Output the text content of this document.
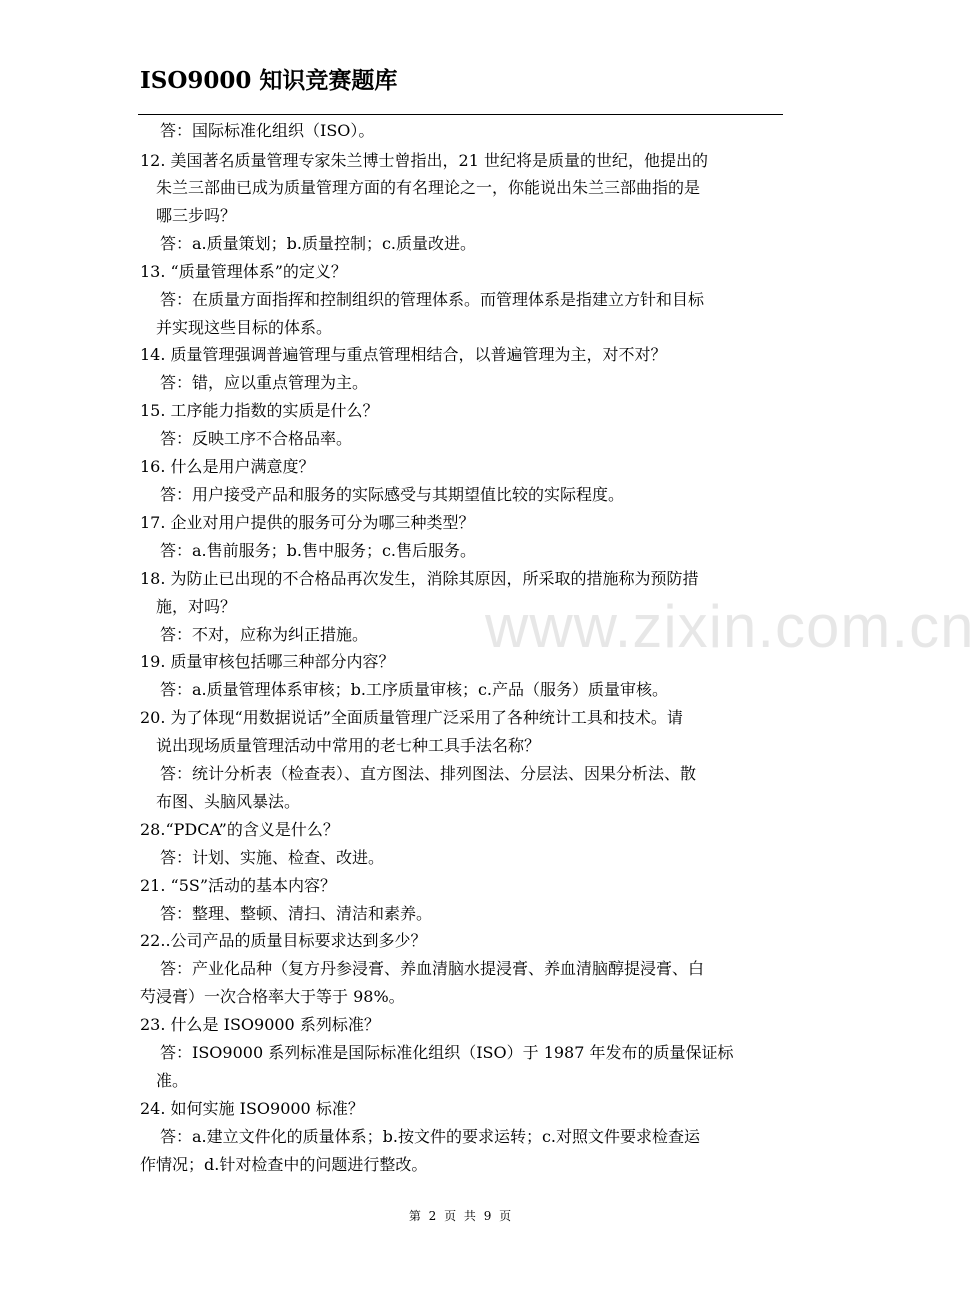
ISO9000 知识竞赛题库
答：国际标准化组织（ISO）。
12. 美国著名质量管理专家朱兰博士曾指出，21 世纪将是质量的世纪，他提出的
朱兰三部曲已成为质量管理方面的有名理论之一，你能说出朱兰三部曲指的是
哪三步吗？
答：a.质量策划；b.质量控制；c.质量改进。
13. “质量管理体系”的定义？
答：在质量方面指挥和控制组织的管理体系。而管理体系是指建立方针和目标
并实现这些目标的体系。
14. 质量管理强调普遍管理与重点管理相结合，以普遍管理为主，对不对？
答：错，应以重点管理为主。
15. 工序能力指数的实质是什么？
答：反映工序不合格品率。
16. 什么是用户满意度？
答：用户接受产品和服务的实际感受与其期望值比较的实际程度。
17. 企业对用户提供的服务可分为哪三种类型？
答：a.售前服务；b.售中服务；c.售后服务。
18. 为防止已出现的不合格品再次发生，消除其原因，所采取的措施称为预防措
施，对吗？
答：不对，应称为纠正措施。
19. 质量审核包括哪三种部分内容？
答：a.质量管理体系审核；b.工序质量审核；c.产品（服务）质量审核。
20. 为了体现“用数据说话”全面质量管理广泛采用了各种统计工具和技术。请
说出现场质量管理活动中常用的老七种工具手法名称？
答：统计分析表（检查表）、直方图法、排列图法、分层法、因果分析法、散
布图、头脑风暴法。
28.“PDCA”的含义是什么？
答：计划、实施、检查、改进。
21. “5S”活动的基本内容？
答：整理、整顿、清扫、清洁和素养。
22..公司产品的质量目标要求达到多少？
答：产业化品种（复方丹参浸膏、养血清脑水提浸膏、养血清脑醇提浸膏、白
芍浸膏）一次合格率大于等于 98%。
23. 什么是 ISO9000 系列标准？
答：ISO9000 系列标准是国际标准化组织（ISO）于 1987 年发布的质量保证标
准。
24. 如何实施 ISO9000 标准？
答：a.建立文件化的质量体系；b.按文件的要求运转；c.对照文件要求检查运
作情况；d.针对检查中的问题进行整改。
www.zixin.com.cn
第 2 页 共 9 页
